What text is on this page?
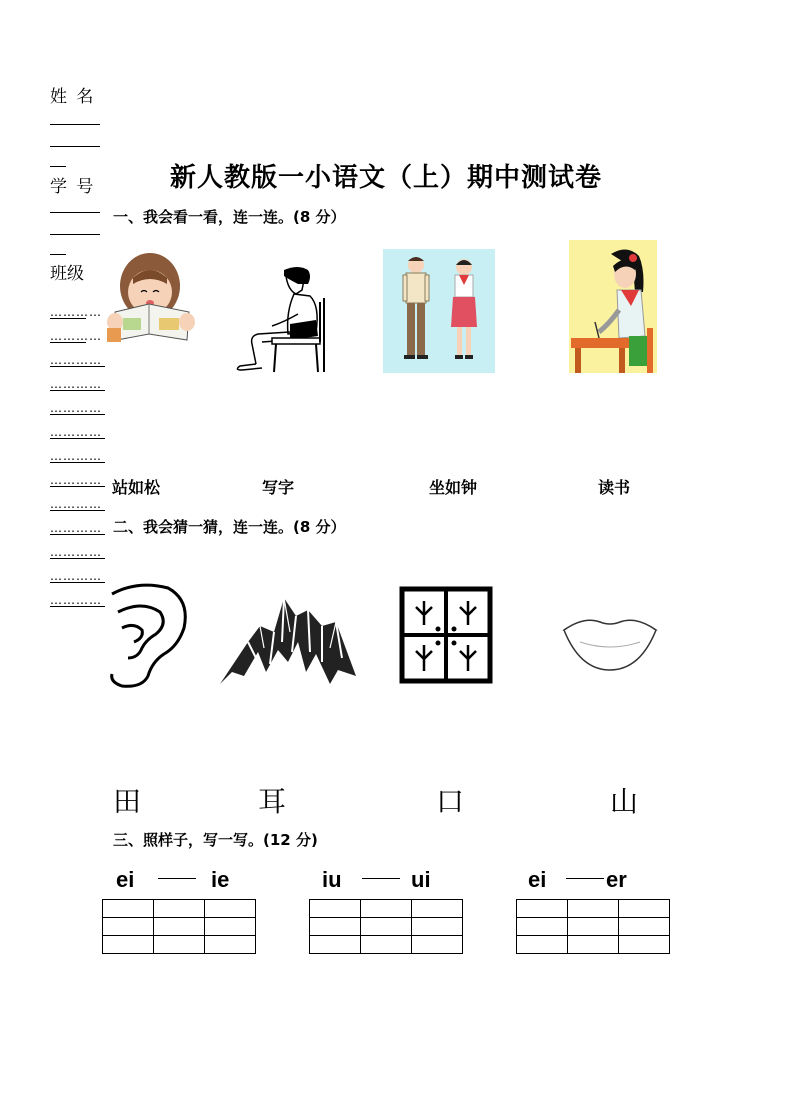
姓 名
学 号
班级
…………
…………
…………
…………
…………
…………
…………
…………
…………
…………
…………
…………
…………
新人教版一小语文（上）期中测试卷
一、我会看一看，连一连。(8 分）
站如松	写字	坐如钟	读书
二、我会猜一猜，连一连。(8 分）
田	耳	口	山
三、照样子，写一写。(12 分)
ei	ie

			iu	ui

			ei	er
